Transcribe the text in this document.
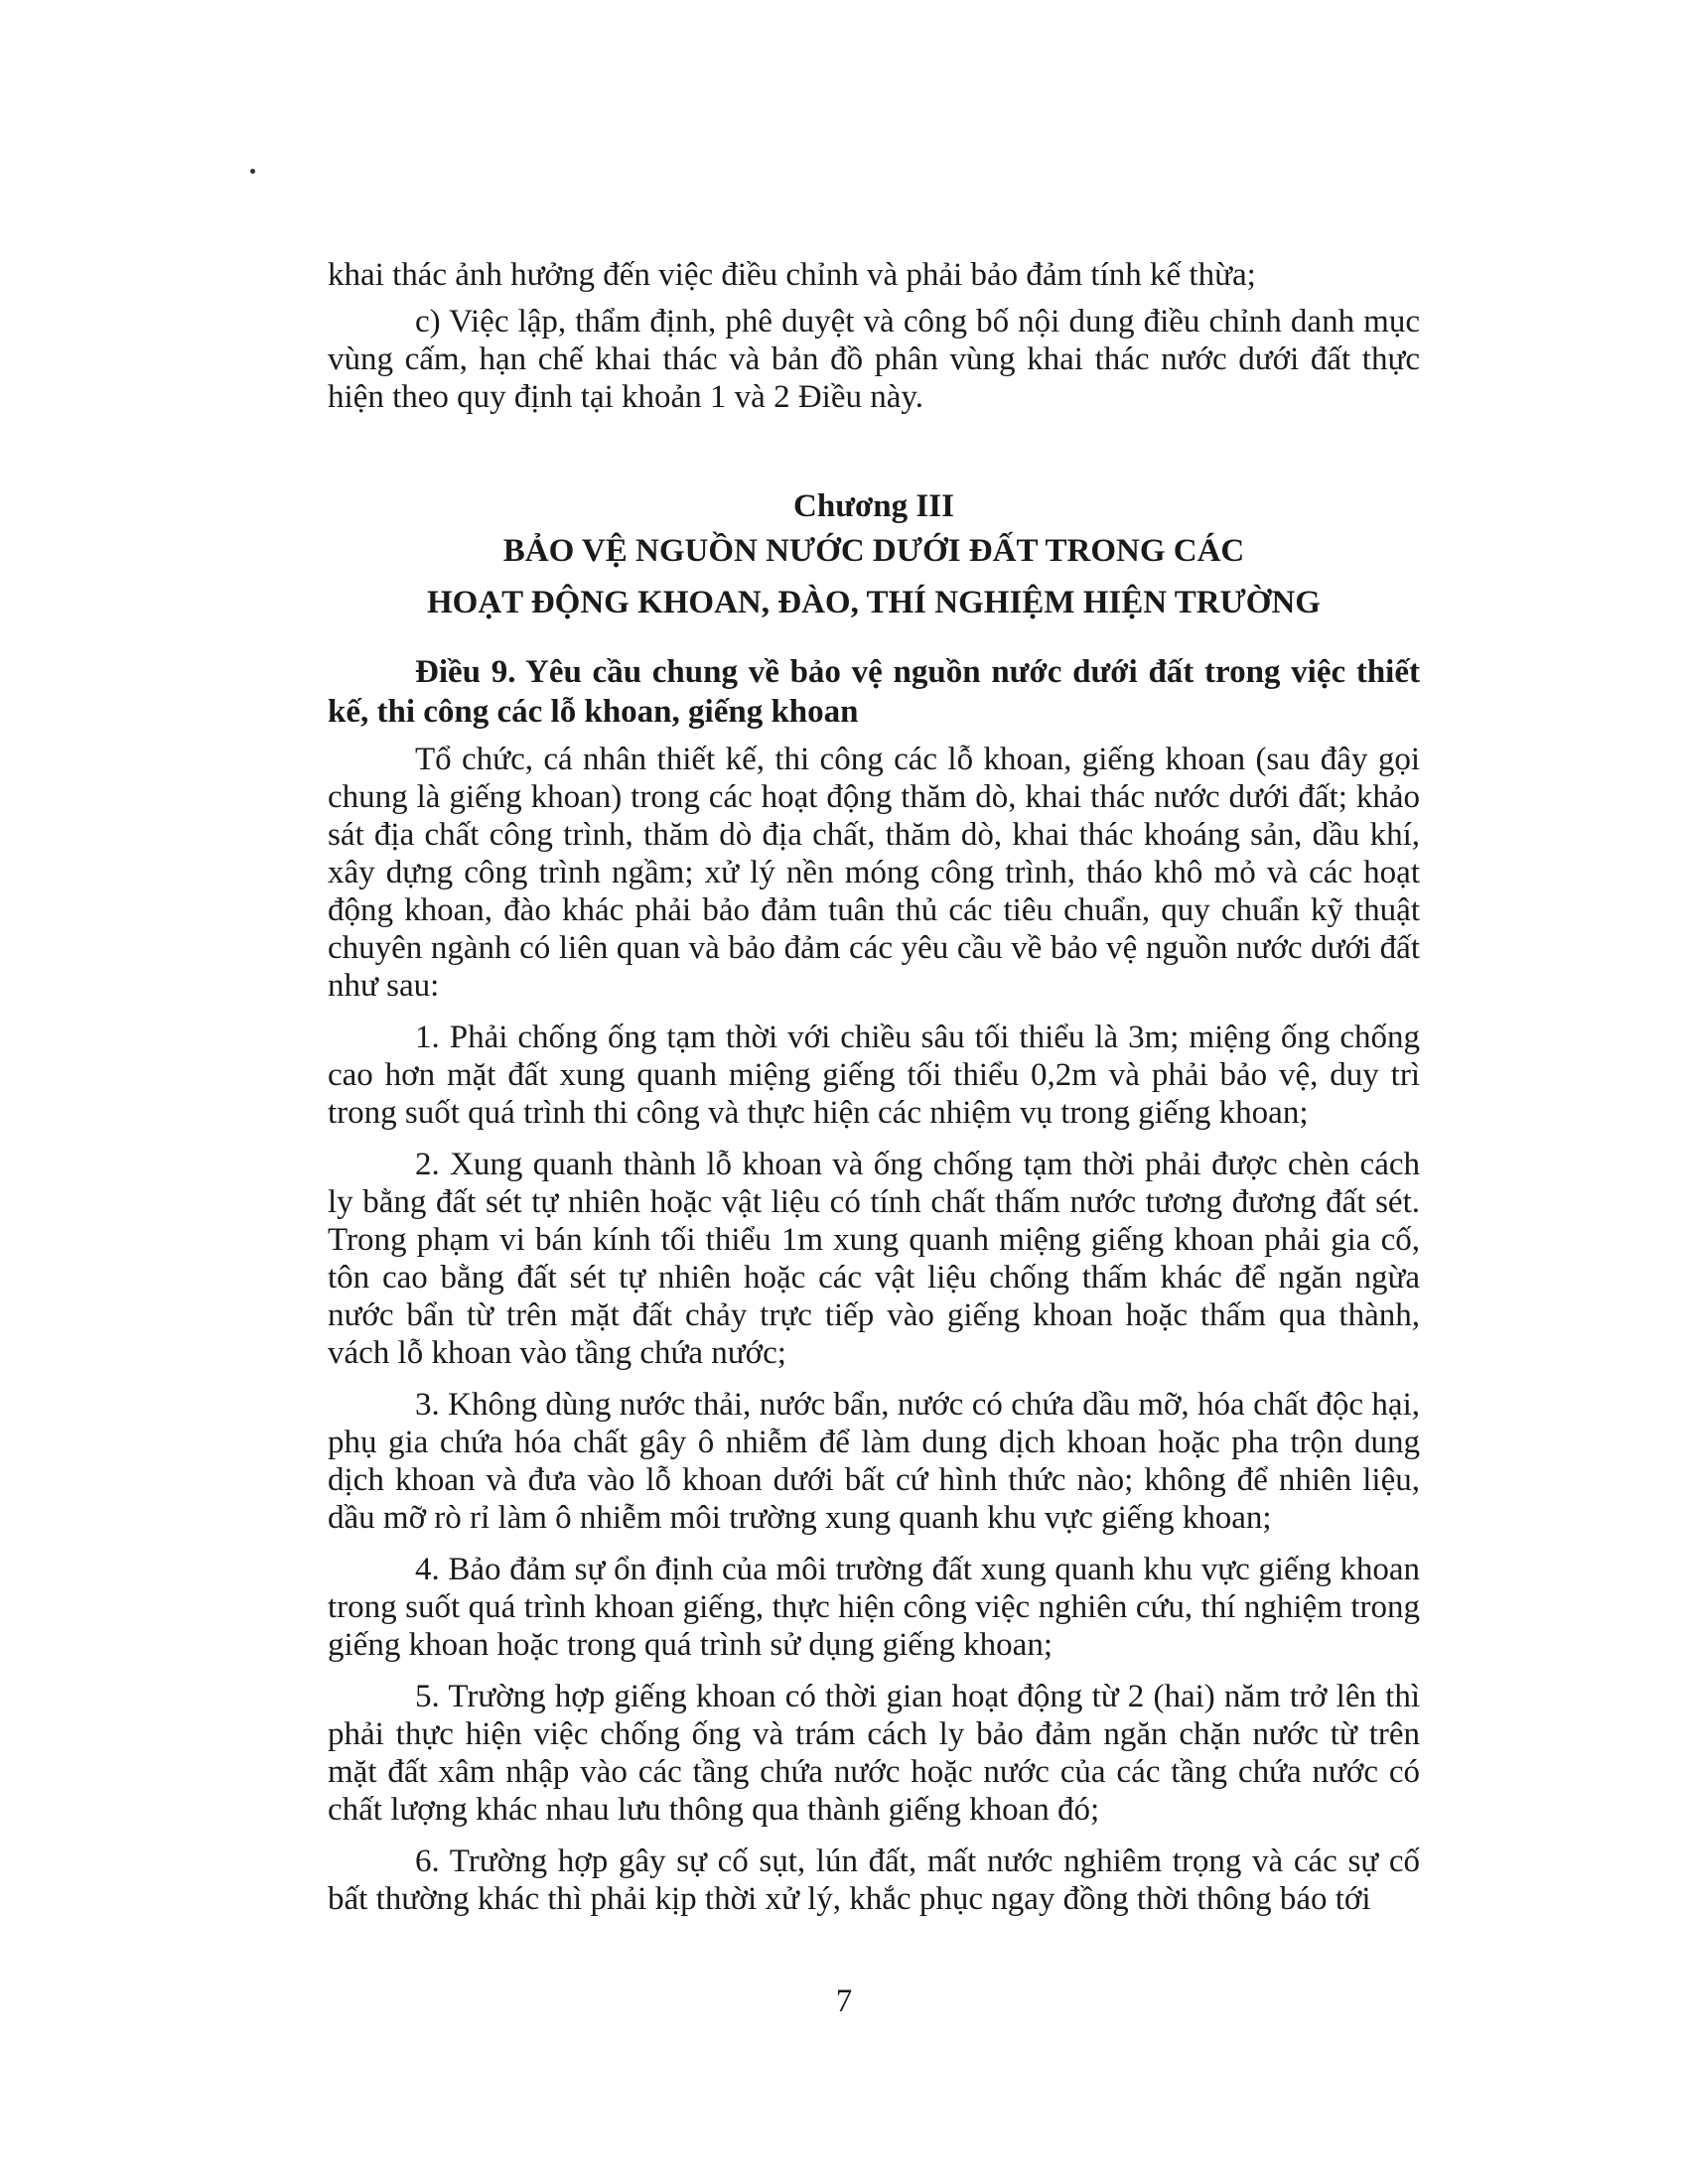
khai thác ảnh hưởng đến việc điều chỉnh và phải bảo đảm tính kế thừa;

c) Việc lập, thẩm định, phê duyệt và công bố nội dung điều chỉnh danh mục vùng cấm, hạn chế khai thác và bản đồ phân vùng khai thác nước dưới đất thực hiện theo quy định tại khoản 1 và 2 Điều này.

Chương III
BẢO VỆ NGUỒN NƯỚC DƯỚI ĐẤT TRONG CÁC
HOẠT ĐỘNG KHOAN, ĐÀO, THÍ NGHIỆM HIỆN TRƯỜNG

Điều 9. Yêu cầu chung về bảo vệ nguồn nước dưới đất trong việc thiết kế, thi công các lỗ khoan, giếng khoan

Tổ chức, cá nhân thiết kế, thi công các lỗ khoan, giếng khoan (sau đây gọi chung là giếng khoan) trong các hoạt động thăm dò, khai thác nước dưới đất; khảo sát địa chất công trình, thăm dò địa chất, thăm dò, khai thác khoáng sản, dầu khí, xây dựng công trình ngầm; xử lý nền móng công trình, tháo khô mỏ và các hoạt động khoan, đào khác phải bảo đảm tuân thủ các tiêu chuẩn, quy chuẩn kỹ thuật chuyên ngành có liên quan và bảo đảm các yêu cầu về bảo vệ nguồn nước dưới đất như sau:

1. Phải chống ống tạm thời với chiều sâu tối thiểu là 3m; miệng ống chống cao hơn mặt đất xung quanh miệng giếng tối thiểu 0,2m và phải bảo vệ, duy trì trong suốt quá trình thi công và thực hiện các nhiệm vụ trong giếng khoan;

2. Xung quanh thành lỗ khoan và ống chống tạm thời phải được chèn cách ly bằng đất sét tự nhiên hoặc vật liệu có tính chất thấm nước tương đương đất sét. Trong phạm vi bán kính tối thiểu 1m xung quanh miệng giếng khoan phải gia cố, tôn cao bằng đất sét tự nhiên hoặc các vật liệu chống thấm khác để ngăn ngừa nước bẩn từ trên mặt đất chảy trực tiếp vào giếng khoan hoặc thấm qua thành, vách lỗ khoan vào tầng chứa nước;

3. Không dùng nước thải, nước bẩn, nước có chứa dầu mỡ, hóa chất độc hại, phụ gia chứa hóa chất gây ô nhiễm để làm dung dịch khoan hoặc pha trộn dung dịch khoan và đưa vào lỗ khoan dưới bất cứ hình thức nào; không để nhiên liệu, dầu mỡ rò rỉ làm ô nhiễm môi trường xung quanh khu vực giếng khoan;

4. Bảo đảm sự ổn định của môi trường đất xung quanh khu vực giếng khoan trong suốt quá trình khoan giếng, thực hiện công việc nghiên cứu, thí nghiệm trong giếng khoan hoặc trong quá trình sử dụng giếng khoan;

5. Trường hợp giếng khoan có thời gian hoạt động từ 2 (hai) năm trở lên thì phải thực hiện việc chống ống và trám cách ly bảo đảm ngăn chặn nước từ trên mặt đất xâm nhập vào các tầng chứa nước hoặc nước của các tầng chứa nước có chất lượng khác nhau lưu thông qua thành giếng khoan đó;

6. Trường hợp gây sự cố sụt, lún đất, mất nước nghiêm trọng và các sự cố bất thường khác thì phải kịp thời xử lý, khắc phục ngay đồng thời thông báo tới

7
